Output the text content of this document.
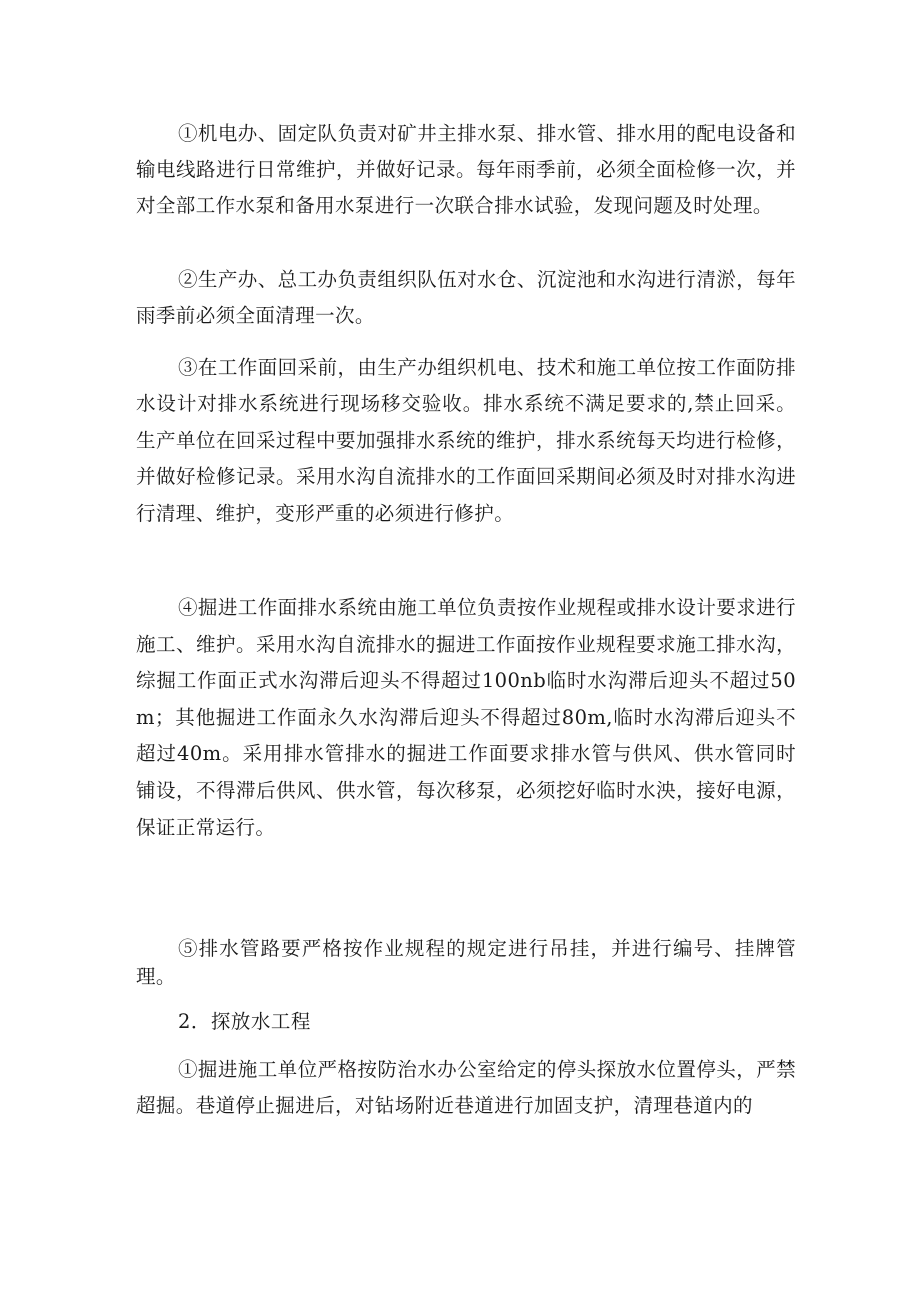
①机电办、固定队负责对矿井主排水泵、排水管、排水用的配电设备和输电线路进行日常维护，并做好记录。每年雨季前，必须全面检修一次，并对全部工作水泵和备用水泵进行一次联合排水试验，发现问题及时处理。

②生产办、总工办负责组织队伍对水仓、沉淀池和水沟进行清淤，每年雨季前必须全面清理一次。

③在工作面回采前，由生产办组织机电、技术和施工单位按工作面防排水设计对排水系统进行现场移交验收。排水系统不满足要求的,禁止回采。生产单位在回采过程中要加强排水系统的维护，排水系统每天均进行检修，并做好检修记录。采用水沟自流排水的工作面回采期间必须及时对排水沟进行清理、维护，变形严重的必须进行修护。

④掘进工作面排水系统由施工单位负责按作业规程或排水设计要求进行施工、维护。采用水沟自流排水的掘进工作面按作业规程要求施工排水沟，综掘工作面正式水沟滞后迎头不得超过100nb临时水沟滞后迎头不超过50m；其他掘进工作面永久水沟滞后迎头不得超过80m,临时水沟滞后迎头不超过40m。采用排水管排水的掘进工作面要求排水管与供风、供水管同时铺设，不得滞后供风、供水管，每次移泵，必须挖好临时水泱，接好电源，保证正常运行。

⑤排水管路要严格按作业规程的规定进行吊挂，并进行编号、挂牌管理。

2．探放水工程

①掘进施工单位严格按防治水办公室给定的停头探放水位置停头，严禁超掘。巷道停止掘进后，对钻场附近巷道进行加固支护，清理巷道内的
